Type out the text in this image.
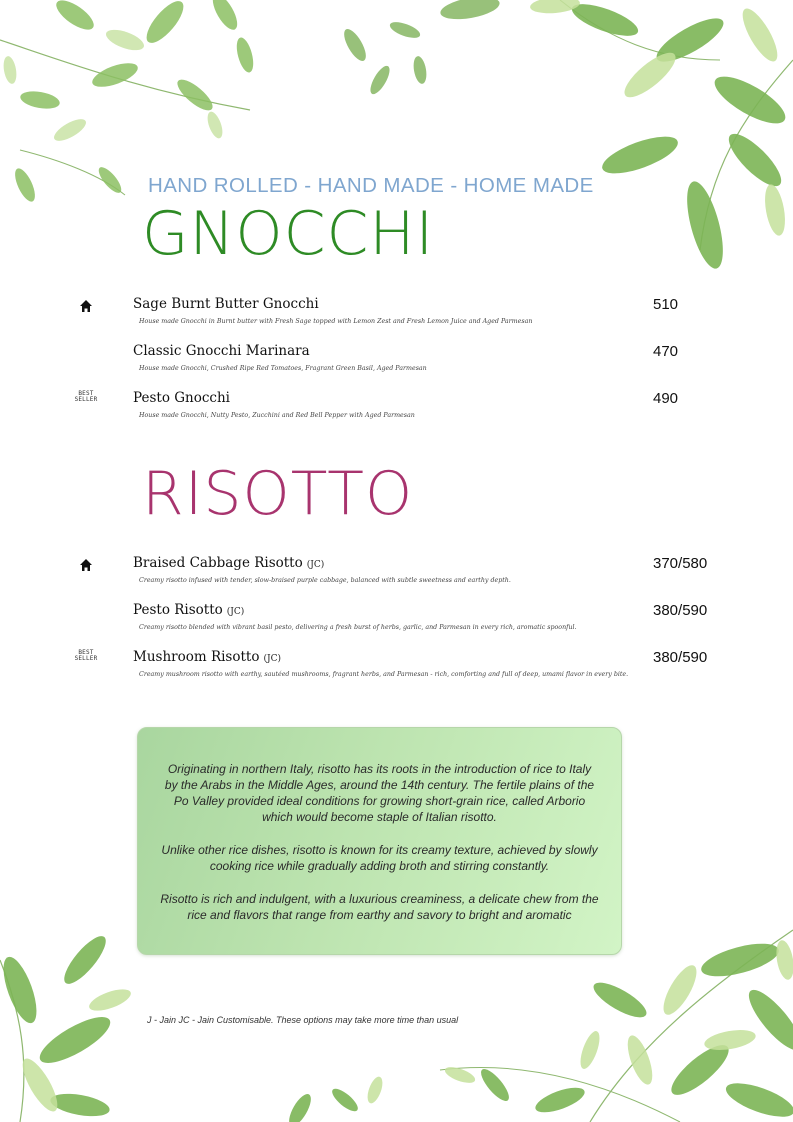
HAND ROLLED - HAND MADE - HOME MADE

GNOCCHI

Sage Burnt Butter Gnocchi

House made Gnocchi in Burnt butter with Fresh Sage topped with Lemon Zest and Fresh Lemon Juice and Aged Parmesan

510

Classic Gnocchi Marinara

House made Gnocchi, Crushed Ripe Red Tomatoes, Fragrant Green Basil, Aged Parmesan

470
BEST
SELLER	Pesto Gnocchi

House made Gnocchi, Nutty Pesto, Zucchini and Red Bell Pepper with Aged Parmesan

490
RISOTTO

Braised Cabbage Risotto (JC)

Creamy risotto infused with tender, slow-braised purple cabbage, balanced with subtle sweetness and earthy depth.

370/580

Pesto Risotto (JC)

Creamy risotto blended with vibrant basil pesto, delivering a fresh burst of herbs, garlic, and Parmesan in every rich, aromatic spoonful.

380/590
BEST
SELLER	Mushroom Risotto (JC)

Creamy mushroom risotto with earthy, sautéed mushrooms, fragrant herbs, and Parmesan - rich, comforting and full of deep, umami flavor in every bite.

380/590

Originating in northern Italy, risotto has its roots in the introduction of rice to Italy by the Arabs in the Middle Ages, around the 14th century. The fertile plains of the Po Valley provided ideal conditions for growing short-grain rice, called Arborio which would become staple of Italian risotto.

Unlike other rice dishes, risotto is known for its creamy texture, achieved by slowly cooking rice while gradually adding broth and stirring constantly.

Risotto is rich and indulgent, with a luxurious creaminess, a delicate chew from the rice and flavors that range from earthy and savory to bright and aromatic

J - Jain JC - Jain Customisable. These options may take more time than usual
